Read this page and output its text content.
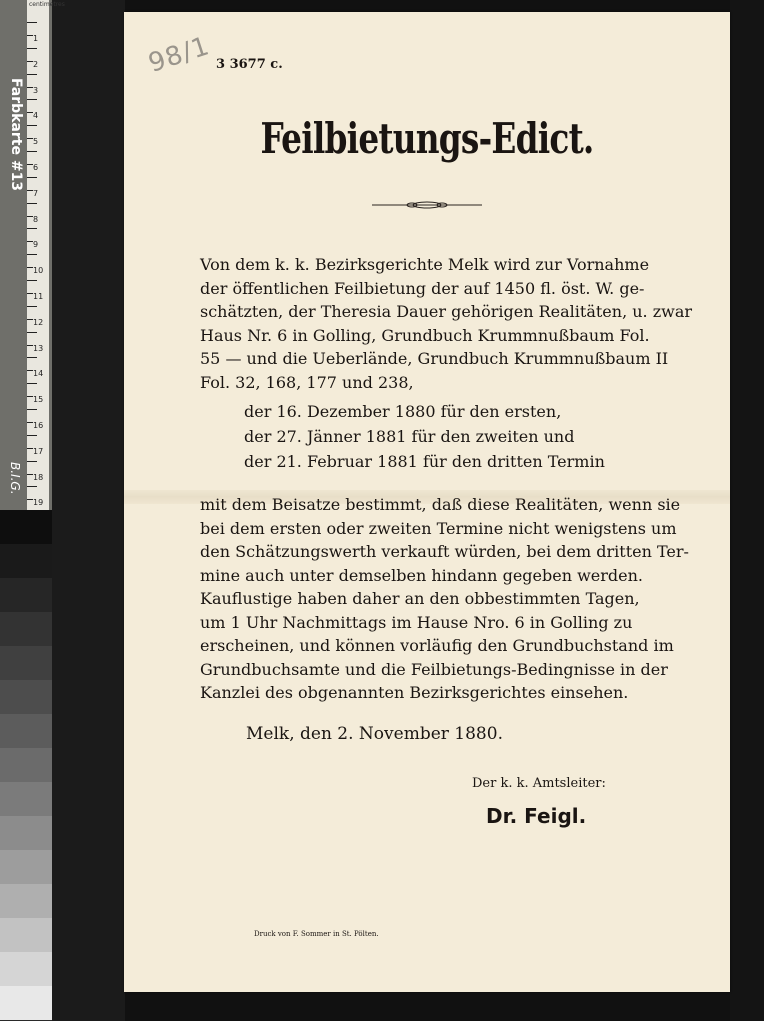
centimetres
1
2
3
4
5
6
7
8
9
10
11
12
13
14
15
16
17
18
19
Farbkarte #13
B.I.G.
98/1 3 3677 c.
Feilbietungs-Edict.
Von dem k. k. Bezirksgerichte Melk wird zur Vornahme
der öffentlichen Feilbietung der auf 1450 fl. öst. W. ge-
schätzten, der Theresia Dauer gehörigen Realitäten, u. zwar
Haus Nr. 6 in Golling, Grundbuch Krummnußbaum Fol.
55 — und die Ueberlände, Grundbuch Krummnußbaum II
Fol. 32, 168, 177 und 238,
der 16. Dezember 1880 für den ersten,
der 27. Jänner 1881 für den zweiten und
der 21. Februar 1881 für den dritten Termin
mit dem Beisatze bestimmt, daß diese Realitäten, wenn sie
bei dem ersten oder zweiten Termine nicht wenigstens um
den Schätzungswerth verkauft würden, bei dem dritten Ter-
mine auch unter demselben hindann gegeben werden.
Kauflustige haben daher an den obbestimmten Tagen,
um 1 Uhr Nachmittags im Hause Nro. 6 in Golling zu
erscheinen, und können vorläufig den Grundbuchstand im
Grundbuchsamte und die Feilbietungs-Bedingnisse in der
Kanzlei des obgenannten Bezirksgerichtes einsehen.
Melk, den 2. November 1880.
Der k. k. Amtsleiter:
Dr. Feigl.
Druck von F. Sommer in St. Pölten.
